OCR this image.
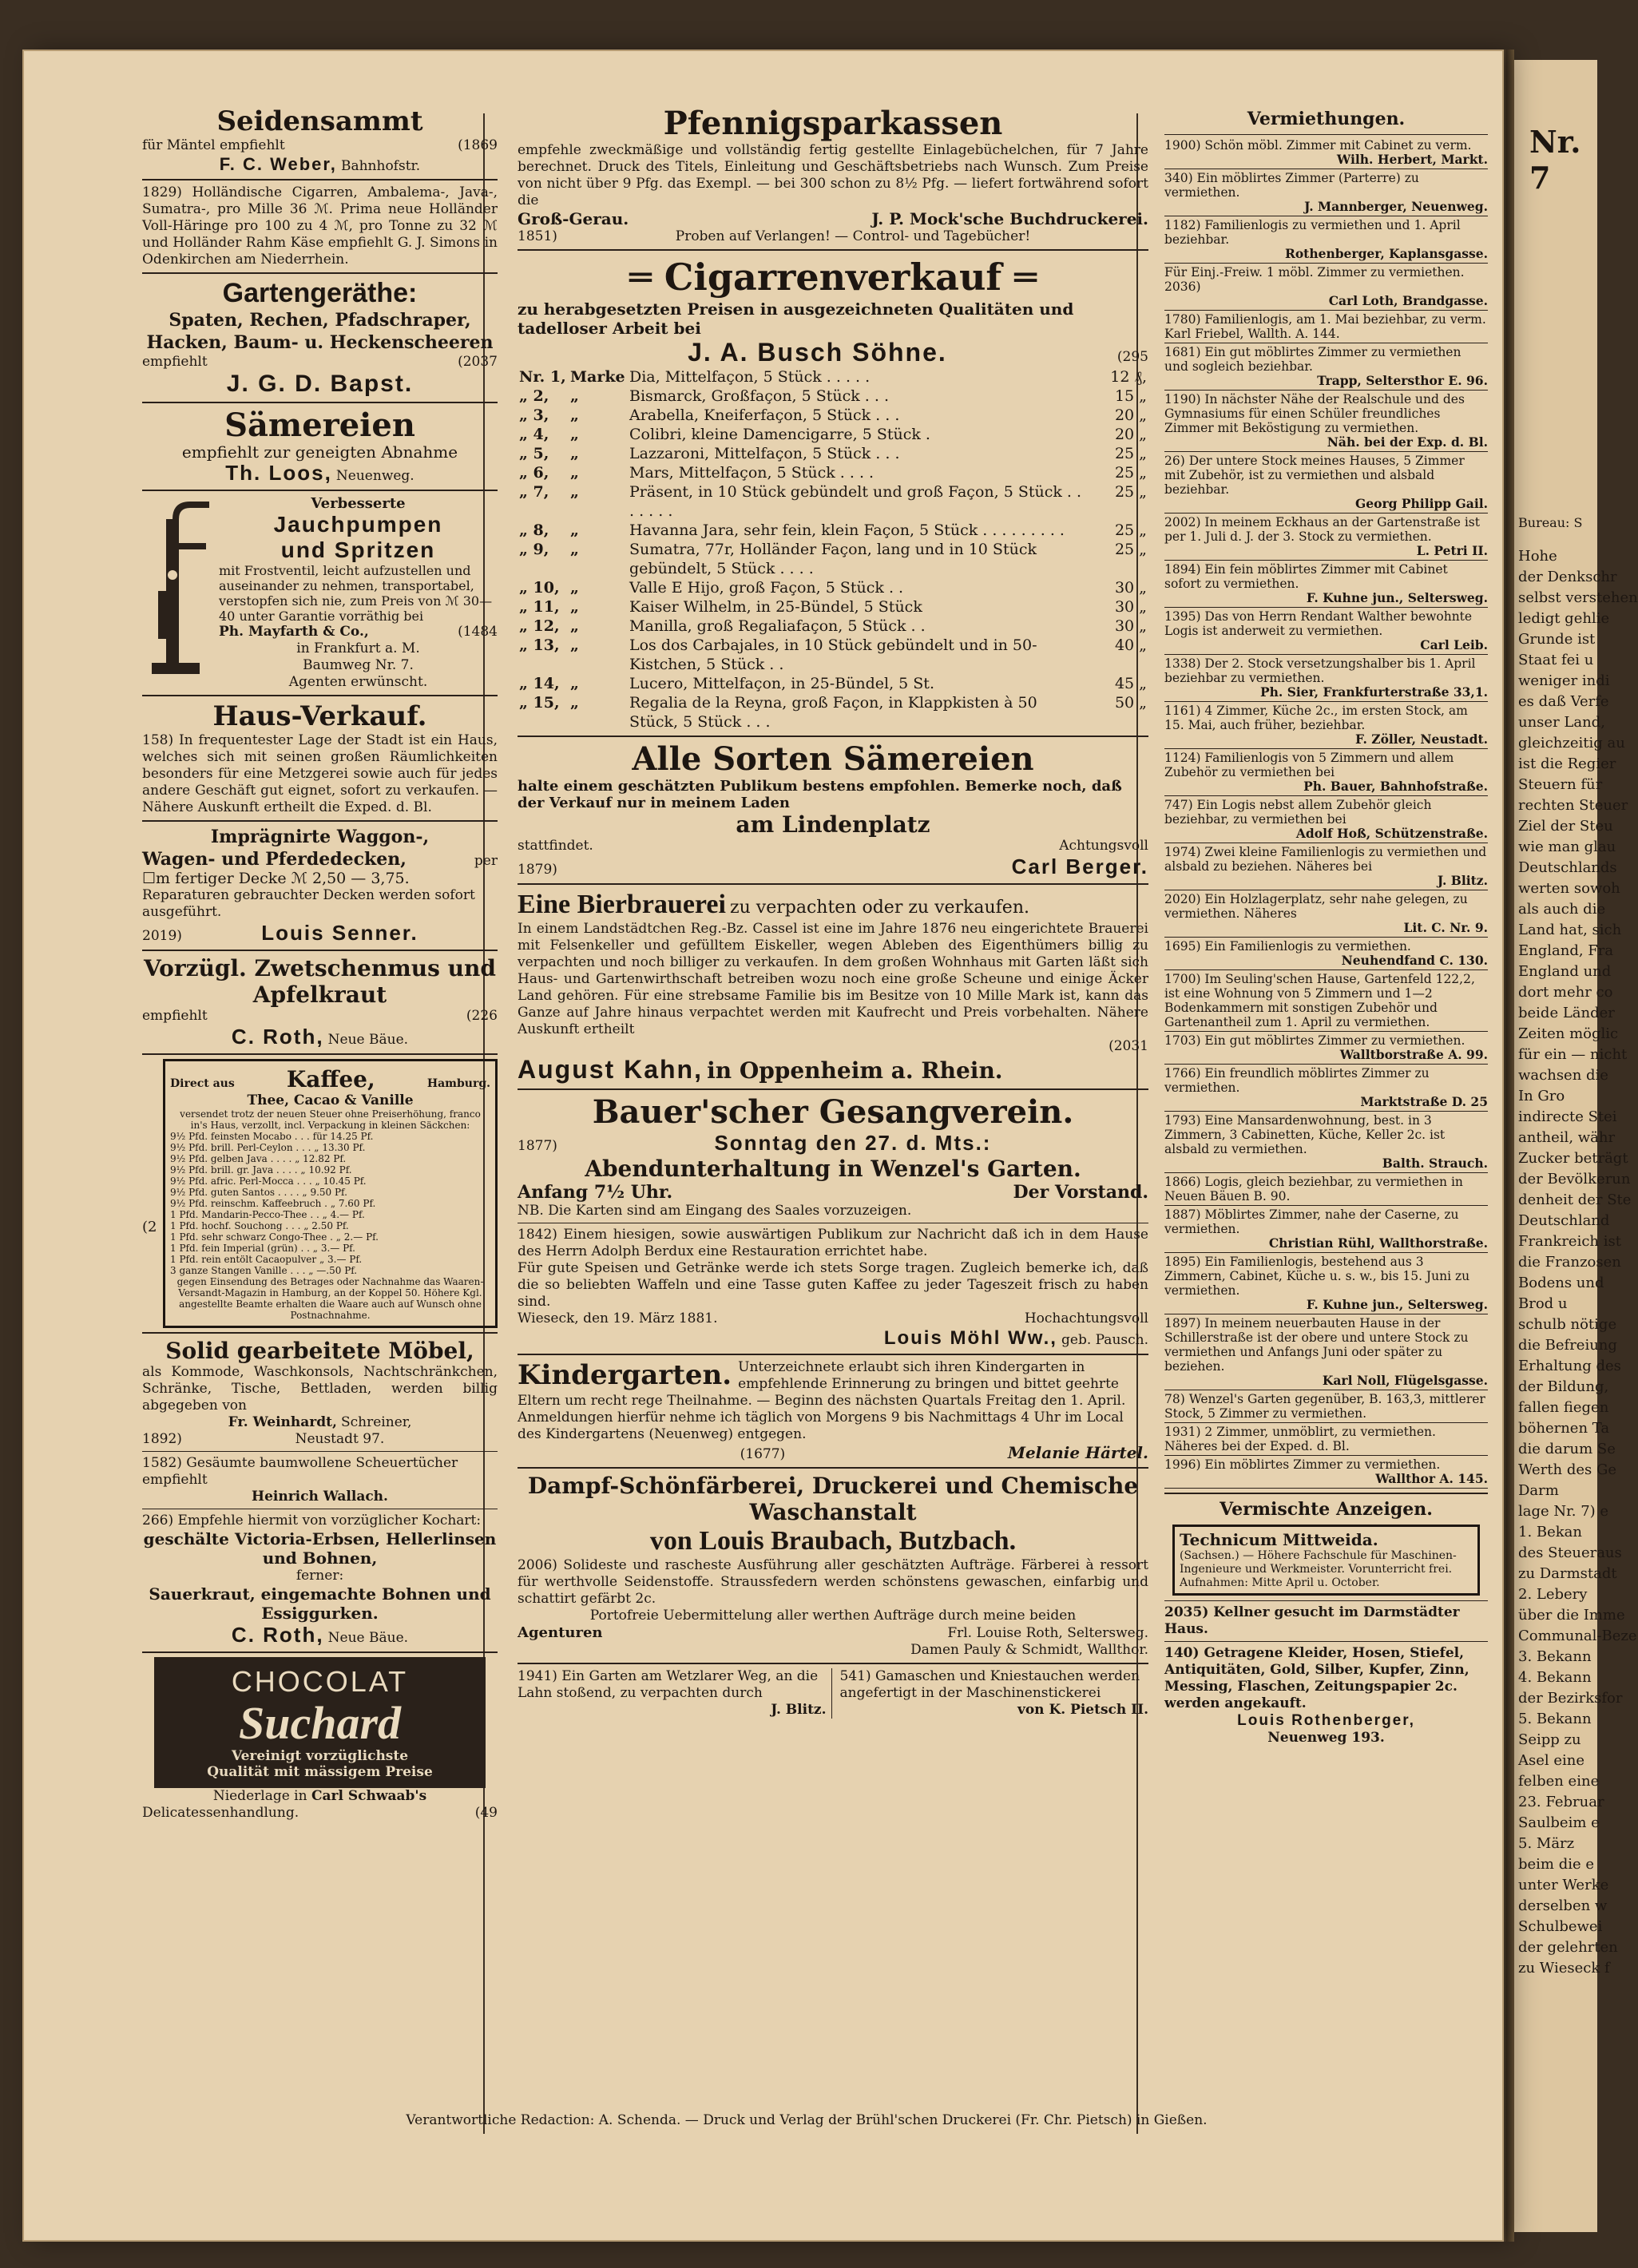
Nr. 7
Bureau: S
Hohe
der Denkschr
selbst verstehen
ledigt gehlie
Grunde ist
Staat fei u
weniger indi
es daß Verfe
unser Land,
gleichzeitig au
ist die Regier
Steuern für
rechten Steuer
Ziel der Steu
wie man glau
Deutschlands
werten sowoh
als auch die
Land hat, sich
England, Fra
England und
dort mehr co
beide Länder
Zeiten möglic
für ein — nicht
wachsen die
In Gro
indirecte Stei
antheil, währ
Zucker beträgt
der Bevölkerun
denheit der Ste
Deutschland
Frankreich ist
die Franzosen
Bodens und
Brod u
schulb nötige
die Befreiung
Erhaltung des
der Bildung,
fallen fiegen
böhernen Ta
die darum Se
Werth des Ge
Darm
lage Nr. 7) e
1. Bekan
des Steueraus
zu Darmstadt
2. Lebery
über die Imme
Communal-Beze
3. Bekann
4. Bekann
der Bezirksfor
5. Bekann
Seipp zu
Asel eine
felben eine
23. Februar
Saulbeim e
5. März
beim die e
unter Werke
derselben w
Schulbewei
der gelehrten
zu Wieseck f
Seidensammt
für Mäntel empfiehlt	(1869
F. C. Weber, Bahnhofstr.
1829) Holländische Cigarren, Ambalema-, Java-, Sumatra-, pro Mille 36 ℳ. Prima neue Holländer Voll-Häringe pro 100 zu 4 ℳ, pro Tonne zu 32 ℳ und Holländer Rahm Käse empfiehlt G. J. Simons in Odenkirchen am Niederrhein.
Gartengeräthe:
Spaten, Rechen, Pfadschraper, Hacken, Baum- u. Heckenscheeren
empfiehlt	(2037
J. G. D. Bapst.
Sämereien
empfiehlt zur geneigten Abnahme
Th. Loos, Neuenweg.
Verbesserte
Jauchpumpen
und Spritzen
mit Frostventil, leicht aufzustellen und auseinander zu nehmen, transportabel, verstopfen sich nie, zum Preis von ℳ 30—40 unter Garantie vorräthig bei
Ph. Mayfarth & Co.,	(1484
in Frankfurt a. M.
Baumweg Nr. 7.
Agenten erwünscht.
Haus-Verkauf.
158) In frequentester Lage der Stadt ist ein Haus, welches sich mit seinen großen Räumlichkeiten besonders für eine Metzgerei sowie auch für jedes andere Geschäft gut eignet, sofort zu verkaufen. — Nähere Auskunft ertheilt die Exped. d. Bl.
Imprägnirte Waggon-,
Wagen- und Pferdedecken,	per
☐m fertiger Decke ℳ 2,50 — 3,75.
Reparaturen gebrauchter Decken werden sofort ausgeführt.
2019)	Louis Senner.
Vorzügl. Zwetschenmus und Apfelkraut
empfiehlt	(226
C. Roth, Neue Bäue.
(2
Direct aus Kaffee,	Hamburg.
Thee, Cacao & Vanille
versendet trotz der neuen Steuer ohne Preiserhöhung, franco in's Haus, verzollt, incl. Verpackung in kleinen Säckchen:
9½ Pfd. feinsten Mocabo . . . für 14.25 Pf.
9½ Pfd. brill. Perl-Ceylon . . . „ 13.30 Pf.
9½ Pfd. gelben Java . . . . „ 12.82 Pf.
9½ Pfd. brill. gr. Java . . . . „ 10.92 Pf.
9½ Pfd. afric. Perl-Mocca . . . „ 10.45 Pf.
9½ Pfd. guten Santos . . . . „ 9.50 Pf.
9½ Pfd. reinschm. Kaffeebruch . „ 7.60 Pf.
1 Pfd. Mandarin-Pecco-Thee . . „ 4.— Pf.
1 Pfd. hochf. Souchong . . . „ 2.50 Pf.
1 Pfd. sehr schwarz Congo-Thee . „ 2.— Pf.
1 Pfd. fein Imperial (grün) . . „ 3.— Pf.
1 Pfd. rein entölt Cacaopulver „ 3.— Pf.
3 ganze Stangen Vanille . . . „ —.50 Pf.
gegen Einsendung des Betrages oder Nachnahme das Waaren-Versandt-Magazin in Hamburg, an der Koppel 50. Höhere Kgl. angestellte Beamte erhalten die Waare auch auf Wunsch ohne Postnachnahme.
Solid gearbeitete Möbel,
als Kommode, Waschkonsols, Nachtschränkchen, Schränke, Tische, Bettladen, werden billig abgegeben von
Fr. Weinhardt, Schreiner,
1892)	Neustadt 97.
1582) Gesäumte baumwollene Scheuertücher empfiehlt
Heinrich Wallach.
266) Empfehle hiermit von vorzüglicher Kochart:
geschälte Victoria-Erbsen, Hellerlinsen und Bohnen,
ferner:
Sauerkraut, eingemachte Bohnen und Essiggurken.
C. Roth, Neue Bäue.
CHOCOLAT
Suchard
Vereinigt vorzüglichste
Qualität mit mässigem Preise
Niederlage in Carl Schwaab's
Delicatessenhandlung.	(49
Pfennigsparkassen
empfehle zweckmäßige und vollständig fertig gestellte Einlagebüchelchen, für 7 Jahre berechnet. Druck des Titels, Einleitung und Geschäftsbetriebs nach Wunsch. Zum Preise von nicht über 9 Pfg. das Exempl. — bei 300 schon zu 8½ Pfg. — liefert fortwährend sofort die
Groß-Gerau.	J. P. Mock'sche Buchdruckerei.
1851)	Proben auf Verlangen! — Control- und Tagebücher!
═ Cigarrenverkauf ═
zu herabgesetzten Preisen in ausgezeichneten Qualitäten und tadelloser Arbeit bei
J. A. Busch Söhne.	(295
Nr. 1,	Marke	Dia, Mittelfaçon, 5 Stück . . . . .	12 ₰,
„ 2,	„	Bismarck, Großfaçon, 5 Stück . . .	15 „
„ 3,	„	Arabella, Kneiferfaçon, 5 Stück . . .	20 „
„ 4,	„	Colibri, kleine Damencigarre, 5 Stück .	20 „
„ 5,	„	Lazzaroni, Mittelfaçon, 5 Stück . . .	25 „
„ 6,	„	Mars, Mittelfaçon, 5 Stück . . . .	25 „
„ 7,	„	Präsent, in 10 Stück gebündelt und groß Façon, 5 Stück . . . . . . .	25 „
„ 8,	„	Havanna Jara, sehr fein, klein Façon, 5 Stück . . . . . . . . .	25 „
„ 9,	„	Sumatra, 77r, Holländer Façon, lang und in 10 Stück gebündelt, 5 Stück . . . .	25 „
„ 10,	„	Valle E Hijo, groß Façon, 5 Stück . .	30 „
„ 11,	„	Kaiser Wilhelm, in 25-Bündel, 5 Stück	30 „
„ 12,	„	Manilla, groß Regaliafaçon, 5 Stück . .	30 „
„ 13,	„	Los dos Carbajales, in 10 Stück gebündelt und in 50-Kistchen, 5 Stück . .	40 „
„ 14,	„	Lucero, Mittelfaçon, in 25-Bündel, 5 St.	45 „
„ 15,	„	Regalia de la Reyna, groß Façon, in Klappkisten à 50 Stück, 5 Stück . . .	50 „
Alle Sorten Sämereien
halte einem geschätzten Publikum bestens empfohlen. Bemerke noch, daß der Verkauf nur in meinem Laden
am Lindenplatz
stattfindet.	Achtungsvoll
1879)	Carl Berger.
Eine Bierbrauerei zu verpachten oder zu verkaufen.
In einem Landstädtchen Reg.-Bz. Cassel ist eine im Jahre 1876 neu eingerichtete Brauerei mit Felsenkeller und gefülltem Eiskeller, wegen Ableben des Eigenthümers billig zu verpachten und noch billiger zu verkaufen. In dem großen Wohnhaus mit Garten läßt sich Haus- und Gartenwirthschaft betreiben wozu noch eine große Scheune und einige Äcker Land gehören. Für eine strebsame Familie bis im Besitze von 10 Mille Mark ist, kann das Ganze auf Jahre hinaus verpachtet werden mit Kaufrecht und Preis vorbehalten. Nähere Auskunft ertheilt
(2031
August Kahn, in Oppenheim a. Rhein.
Bauer'scher Gesangverein.
1877)	Sonntag den 27. d. Mts.:
Abendunterhaltung in Wenzel's Garten.
Anfang 7½ Uhr.	Der Vorstand.
NB. Die Karten sind am Eingang des Saales vorzuzeigen.
1842) Einem hiesigen, sowie auswärtigen Publikum zur Nachricht daß ich in dem Hause des Herrn Adolph Berdux eine Restauration errichtet habe.
Für gute Speisen und Getränke werde ich stets Sorge tragen. Zugleich bemerke ich, daß die so beliebten Waffeln und eine Tasse guten Kaffee zu jeder Tageszeit frisch zu haben sind.
Wieseck, den 19. März 1881.	Hochachtungsvoll
Louis Möhl Ww., geb. Pausch.
Kindergarten. Unterzeichnete erlaubt sich ihren Kindergarten in empfehlende Erinnerung zu bringen und bittet geehrte Eltern um recht rege Theilnahme. — Beginn des nächsten Quartals Freitag den 1. April. Anmeldungen hierfür nehme ich täglich von Morgens 9 bis Nachmittags 4 Uhr im Local des Kindergartens (Neuenweg) entgegen.
(1677)	Melanie Härtel.
Dampf-Schönfärberei, Druckerei und Chemische Waschanstalt
von Louis Braubach, Butzbach.
2006) Solideste und rascheste Ausführung aller geschätzten Aufträge. Färberei à ressort für werthvolle Seidenstoffe. Straussfedern werden schönstens gewaschen, einfarbig und schattirt gefärbt 2c.
Portofreie Uebermittelung aller werthen Aufträge durch meine beiden
Agenturen	Frl. Louise Roth, Seltersweg.
Damen Pauly & Schmidt, Wallthor.
1941) Ein Garten am Wetzlarer Weg, an die Lahn stoßend, zu verpachten durch
J. Blitz.
541) Gamaschen und Kniestauchen werden angefertigt in der Maschinenstickerei
von K. Pietsch II.
Vermiethungen.
1900) Schön möbl. Zimmer mit Cabinet zu verm.
Wilh. Herbert, Markt.
340) Ein möblirtes Zimmer (Parterre) zu vermiethen.
J. Mannberger, Neuenweg.
1182) Familienlogis zu vermiethen und 1. April beziehbar.
Rothenberger, Kaplansgasse.
Für Einj.-Freiw. 1 möbl. Zimmer zu vermiethen. 2036)
Carl Loth, Brandgasse.
1780) Familienlogis, am 1. Mai beziehbar, zu verm. Karl Friebel, Wallth. A. 144.
1681) Ein gut möblirtes Zimmer zu vermiethen und sogleich beziehbar.
Trapp, Seltersthor E. 96.
1190) In nächster Nähe der Realschule und des Gymnasiums für einen Schüler freundliches Zimmer mit Beköstigung zu vermiethen.
Näh. bei der Exp. d. Bl.
26) Der untere Stock meines Hauses, 5 Zimmer mit Zubehör, ist zu vermiethen und alsbald beziehbar.
Georg Philipp Gail.
2002) In meinem Eckhaus an der Gartenstraße ist per 1. Juli d. J. der 3. Stock zu vermiethen.
L. Petri II.
1894) Ein fein möblirtes Zimmer mit Cabinet sofort zu vermiethen.
F. Kuhne jun., Seltersweg.
1395) Das von Herrn Rendant Walther bewohnte Logis ist anderweit zu vermiethen.
Carl Leib.
1338) Der 2. Stock versetzungshalber bis 1. April beziehbar zu vermiethen.
Ph. Sier, Frankfurterstraße 33,1.
1161) 4 Zimmer, Küche 2c., im ersten Stock, am 15. Mai, auch früher, beziehbar.
F. Zöller, Neustadt.
1124) Familienlogis von 5 Zimmern und allem Zubehör zu vermiethen bei
Ph. Bauer, Bahnhofstraße.
747) Ein Logis nebst allem Zubehör gleich beziehbar, zu vermiethen bei
Adolf Hoß, Schützenstraße.
1974) Zwei kleine Familienlogis zu vermiethen und alsbald zu beziehen. Näheres bei
J. Blitz.
2020) Ein Holzlagerplatz, sehr nahe gelegen, zu vermiethen. Näheres
Lit. C. Nr. 9.
1695) Ein Familienlogis zu vermiethen.
Neuhendfand C. 130.
1700) Im Seuling'schen Hause, Gartenfeld 122,2, ist eine Wohnung von 5 Zimmern und 1—2 Bodenkammern mit sonstigen Zubehör und Gartenantheil zum 1. April zu vermiethen.
1703) Ein gut möblirtes Zimmer zu vermiethen.
Walltborstraße A. 99.
1766) Ein freundlich möblirtes Zimmer zu vermiethen.
Marktstraße D. 25
1793) Eine Mansardenwohnung, best. in 3 Zimmern, 3 Cabinetten, Küche, Keller 2c. ist alsbald zu vermiethen.
Balth. Strauch.
1866) Logis, gleich beziehbar, zu vermiethen in Neuen Bäuen B. 90.
1887) Möblirtes Zimmer, nahe der Caserne, zu vermiethen.
Christian Rühl, Wallthorstraße.
1895) Ein Familienlogis, bestehend aus 3 Zimmern, Cabinet, Küche u. s. w., bis 15. Juni zu vermiethen.
F. Kuhne jun., Seltersweg.
1897) In meinem neuerbauten Hause in der Schillerstraße ist der obere und untere Stock zu vermiethen und Anfangs Juni oder später zu beziehen.
Karl Noll, Flügelsgasse.
78) Wenzel's Garten gegenüber, B. 163,3, mittlerer Stock, 5 Zimmer zu vermiethen.
1931) 2 Zimmer, unmöblirt, zu vermiethen. Näheres bei der Exped. d. Bl.
1996) Ein möblirtes Zimmer zu vermiethen.
Wallthor A. 145.
Vermischte Anzeigen.
Technicum Mittweida.
(Sachsen.) — Höhere Fachschule für Maschinen-Ingenieure und Werkmeister. Vorunterricht frei. Aufnahmen: Mitte April u. October.
2035) Kellner gesucht im Darmstädter Haus.
140) Getragene Kleider, Hosen, Stiefel, Antiquitäten, Gold, Silber, Kupfer, Zinn, Messing, Flaschen, Zeitungspapier 2c. werden angekauft.
Louis Rothenberger,
Neuenweg 193.
Verantwortliche Redaction: A. Schenda. — Druck und Verlag der Brühl'schen Druckerei (Fr. Chr. Pietsch) in Gießen.
